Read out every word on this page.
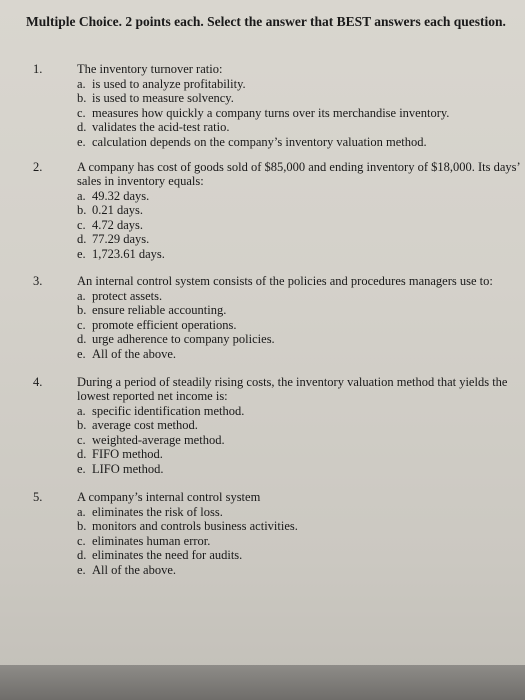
Multiple Choice. 2 points each. Select the answer that BEST answers each question.
1.	The inventory turnover ratio:
a. is used to analyze profitability.
b. is used to measure solvency.
c. measures how quickly a company turns over its merchandise inventory.
d. validates the acid-test ratio.
e. calculation depends on the company’s inventory valuation method.
2.	A company has cost of goods sold of $85,000 and ending inventory of $18,000. Its days’ sales in inventory equals:
a. 49.32 days.
b. 0.21 days.
c. 4.72 days.
d. 77.29 days.
e. 1,723.61 days.
3.	An internal control system consists of the policies and procedures managers use to:
a. protect assets.
b. ensure reliable accounting.
c. promote efficient operations.
d. urge adherence to company policies.
e. All of the above.
4.	During a period of steadily rising costs, the inventory valuation method that yields the lowest reported net income is:
a. specific identification method.
b. average cost method.
c. weighted-average method.
d. FIFO method.
e. LIFO method.
5.	A company’s internal control system
a. eliminates the risk of loss.
b. monitors and controls business activities.
c. eliminates human error.
d. eliminates the need for audits.
e. All of the above.
